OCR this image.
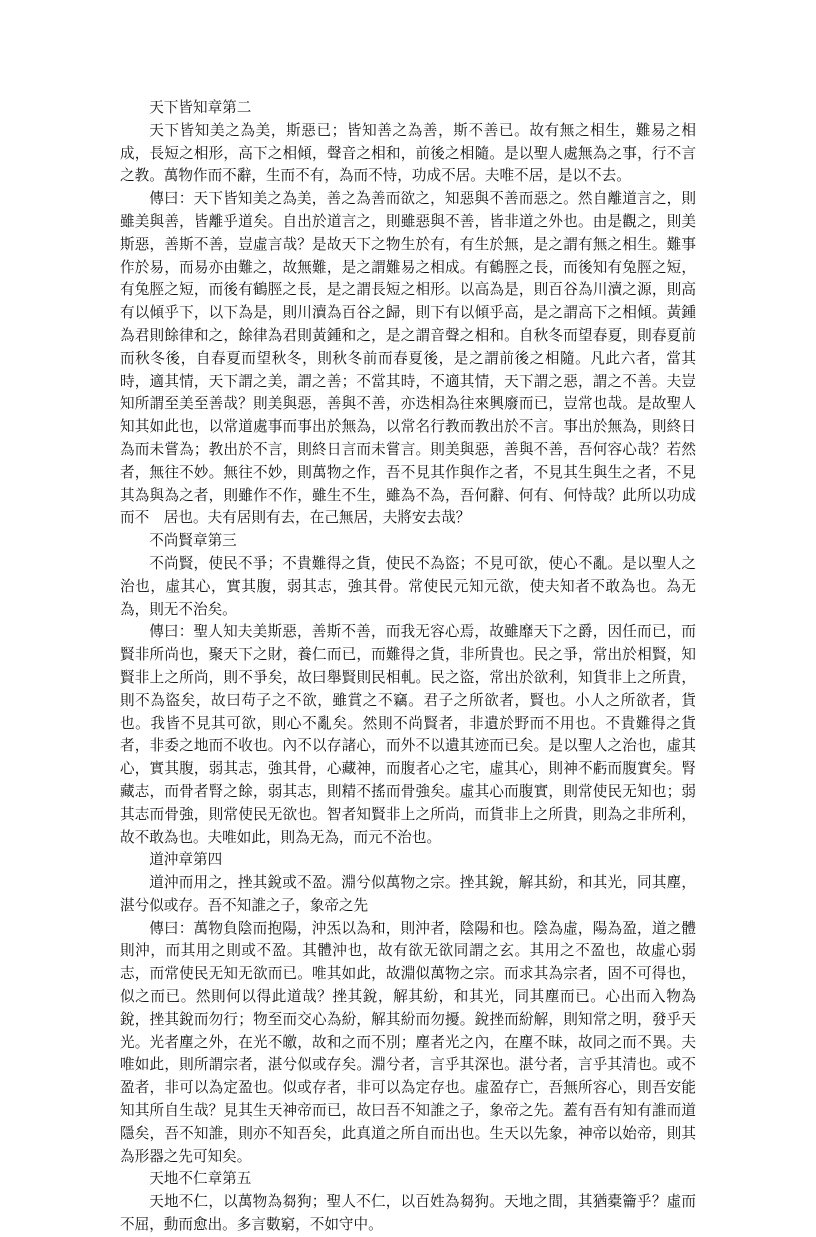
天下皆知章第二

天下皆知美之為美，斯惡已；皆知善之為善，斯不善已。故有無之相生，難易之相成，長短之相形，高下之相傾，聲音之相和，前後之相隨。是以聖人處無為之事，行不言之教。萬物作而不辭，生而不有，為而不恃，功成不居。夫唯不居，是以不去。

傳曰：天下皆知美之為美，善之為善而欲之，知惡與不善而惡之。然自離道言之，則雖美與善，皆離乎道矣。自出於道言之，則雖惡與不善，皆非道之外也。由是觀之，則美斯惡，善斯不善，豈虛言哉？是故天下之物生於有，有生於無，是之謂有無之相生。難事作於易，而易亦由難之，故無難，是之謂難易之相成。有鶴脛之長，而後知有兔脛之短，有兔脛之短，而後有鶴脛之長，是之謂長短之相形。以高為是，則百谷為川瀆之源，則高有以傾乎下，以下為是，則川瀆為百谷之歸，則下有以傾乎高，是之謂高下之相傾。黃鍾為君則餘律和之，餘律為君則黃鍾和之，是之謂音聲之相和。自秋冬而望春夏，則春夏前而秋冬後，自春夏而望秋冬，則秋冬前而春夏後，是之謂前後之相隨。凡此六者，當其時，適其情，天下謂之美，謂之善；不當其時，不適其情，天下謂之惡，謂之不善。夫豈知所謂至美至善哉？則美與惡，善與不善，亦迭相為往來興廢而已，豈常也哉。是故聖人知其如此也，以常道處事而事出於無為，以常名行教而教出於不言。事出於無為，則終日為而未嘗為；教出於不言，則終日言而未嘗言。則美與惡，善與不善，吾何容心哉？若然者，無往不妙。無往不妙，則萬物之作，吾不見其作與作之者，不見其生與生之者，不見其為與為之者，則雖作不作，雖生不生，雖為不為，吾何辭、何有、何恃哉？此所以功成而不　居也。夫有居則有去，在己無居，夫將安去哉？

不尚賢章第三

不尚賢，使民不爭；不貴難得之貨，使民不為盜；不見可欲，使心不亂。是以聖人之治也，虛其心，實其腹，弱其志，強其骨。常使民元知元欲，使夫知者不敢為也。為无為，則无不治矣。

傳曰：聖人知夫美斯惡，善斯不善，而我无容心焉，故雖靡天下之爵，因任而已，而賢非所尚也，聚天下之財，養仁而已，而難得之貨，非所貴也。民之爭，常出於相賢，知賢非上之所尚，則不爭矣，故曰舉賢則民相軋。民之盜，常出於欲利，知貨非上之所貴，則不為盜矣，故曰苟子之不欲，雖賞之不竊。君子之所欲者，賢也。小人之所欲者，貨也。我皆不見其可欲，則心不亂矣。然則不尚賢者，非遺於野而不用也。不貴難得之貨者，非委之地而不收也。內不以存諸心，而外不以遺其迹而已矣。是以聖人之治也，虛其心，實其腹，弱其志，強其骨，心藏神，而腹者心之宅，虛其心，則神不虧而腹實矣。腎藏志，而骨者腎之餘，弱其志，則精不搖而骨強矣。虛其心而腹實，則常使民无知也；弱其志而骨強，則常使民无欲也。智者知賢非上之所尚，而貨非上之所貴，則為之非所利，故不敢為也。夫唯如此，則為无為，而元不治也。

道沖章第四

道沖而用之，挫其銳或不盈。淵兮似萬物之宗。挫其銳，解其紛，和其光，同其塵，湛兮似或存。吾不知誰之子，象帝之先

傳曰：萬物負陰而抱陽，沖炁以為和，則沖者，陰陽和也。陰為虛，陽為盈，道之體則沖，而其用之則或不盈。其體沖也，故有欲无欲同謂之玄。其用之不盈也，故虛心弱志，而常使民无知无欲而已。唯其如此，故淵似萬物之宗。而求其為宗者，固不可得也，似之而已。然則何以得此道哉？挫其銳，解其紛，和其光，同其塵而已。心出而入物為銳，挫其銳而勿行；物至而交心為紛，解其紛而勿擾。銳挫而紛解，則知常之明，發乎天光。光者塵之外，在光不皦，故和之而不別；塵者光之內，在塵不昧，故同之而不異。夫唯如此，則所謂宗者，湛兮似或存矣。淵兮者，言乎其深也。湛兮者，言乎其清也。或不盈者，非可以為定盈也。似或存者，非可以為定存也。虛盈存亡，吾無所容心，則吾安能知其所自生哉？見其生天神帝而已，故曰吾不知誰之子，象帝之先。蓋有吾有知有誰而道隱矣，吾不知誰，則亦不知吾矣，此真道之所自而出也。生天以先象，神帝以始帝，則其為形器之先可知矣。

天地不仁章第五

天地不仁，以萬物為芻狗；聖人不仁，以百姓為芻狗。天地之間，其猶橐籥乎？虛而不屈，動而愈出。多言數窮，不如守中。
